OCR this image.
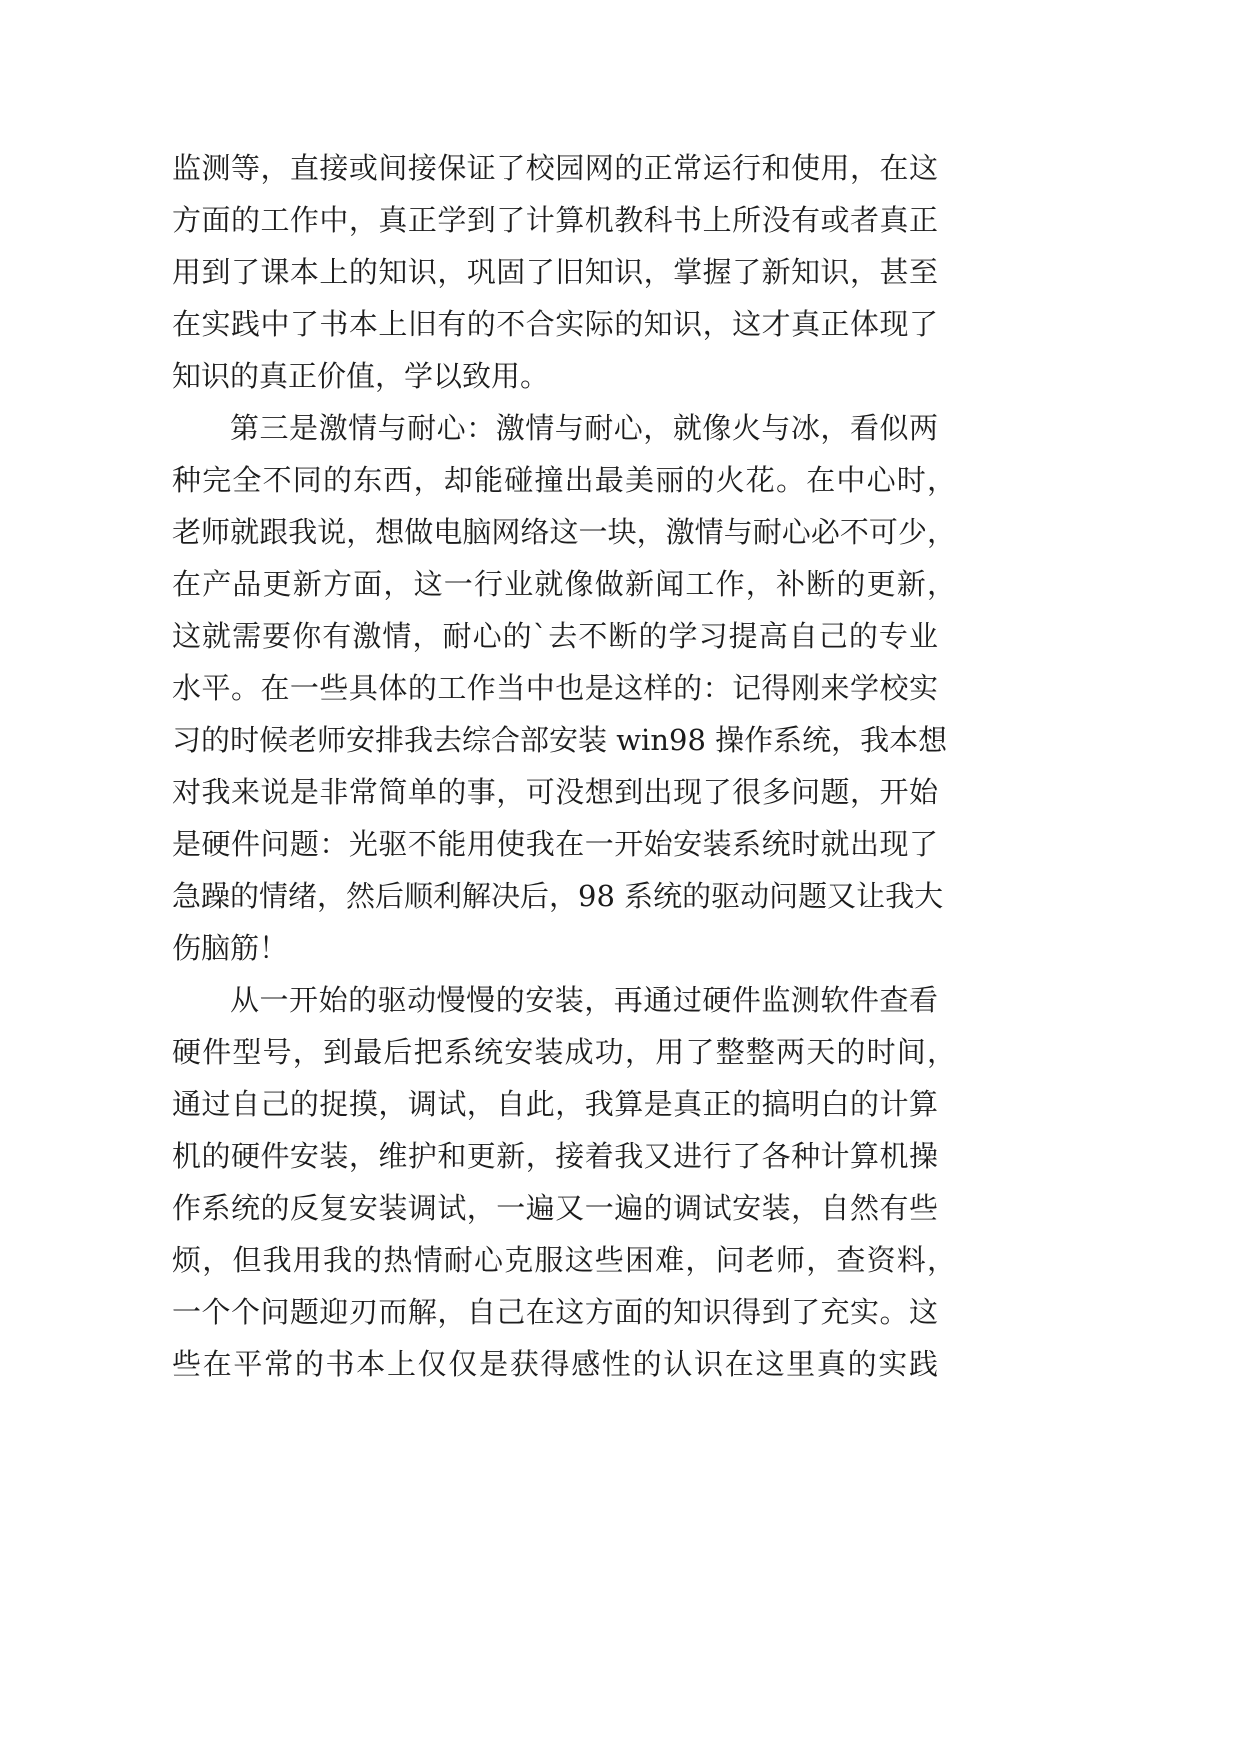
监测等，直接或间接保证了校园网的正常运行和使用，在这
方面的工作中，真正学到了计算机教科书上所没有或者真正
用到了课本上的知识，巩固了旧知识，掌握了新知识，甚至
在实践中了书本上旧有的不合实际的知识，这才真正体现了
知识的真正价值，学以致用。
第三是激情与耐心：激情与耐心，就像火与冰，看似两
种完全不同的东西，却能碰撞出最美丽的火花。在中心时，
老师就跟我说，想做电脑网络这一块，激情与耐心必不可少，
在产品更新方面，这一行业就像做新闻工作，补断的更新，
这就需要你有激情，耐心的`去不断的学习提高自己的专业
水平。在一些具体的工作当中也是这样的：记得刚来学校实
习的时候老师安排我去综合部安装 win98 操作系统，我本想
对我来说是非常简单的事，可没想到出现了很多问题，开始
是硬件问题：光驱不能用使我在一开始安装系统时就出现了
急躁的情绪，然后顺利解决后，98 系统的驱动问题又让我大
伤脑筋！
从一开始的驱动慢慢的安装，再通过硬件监测软件查看
硬件型号，到最后把系统安装成功，用了整整两天的时间，
通过自己的捉摸，调试，自此，我算是真正的搞明白的计算
机的硬件安装，维护和更新，接着我又进行了各种计算机操
作系统的反复安装调试，一遍又一遍的调试安装，自然有些
烦，但我用我的热情耐心克服这些困难，问老师，查资料，
一个个问题迎刃而解，自己在这方面的知识得到了充实。这
些在平常的书本上仅仅是获得感性的认识在这里真的实践
